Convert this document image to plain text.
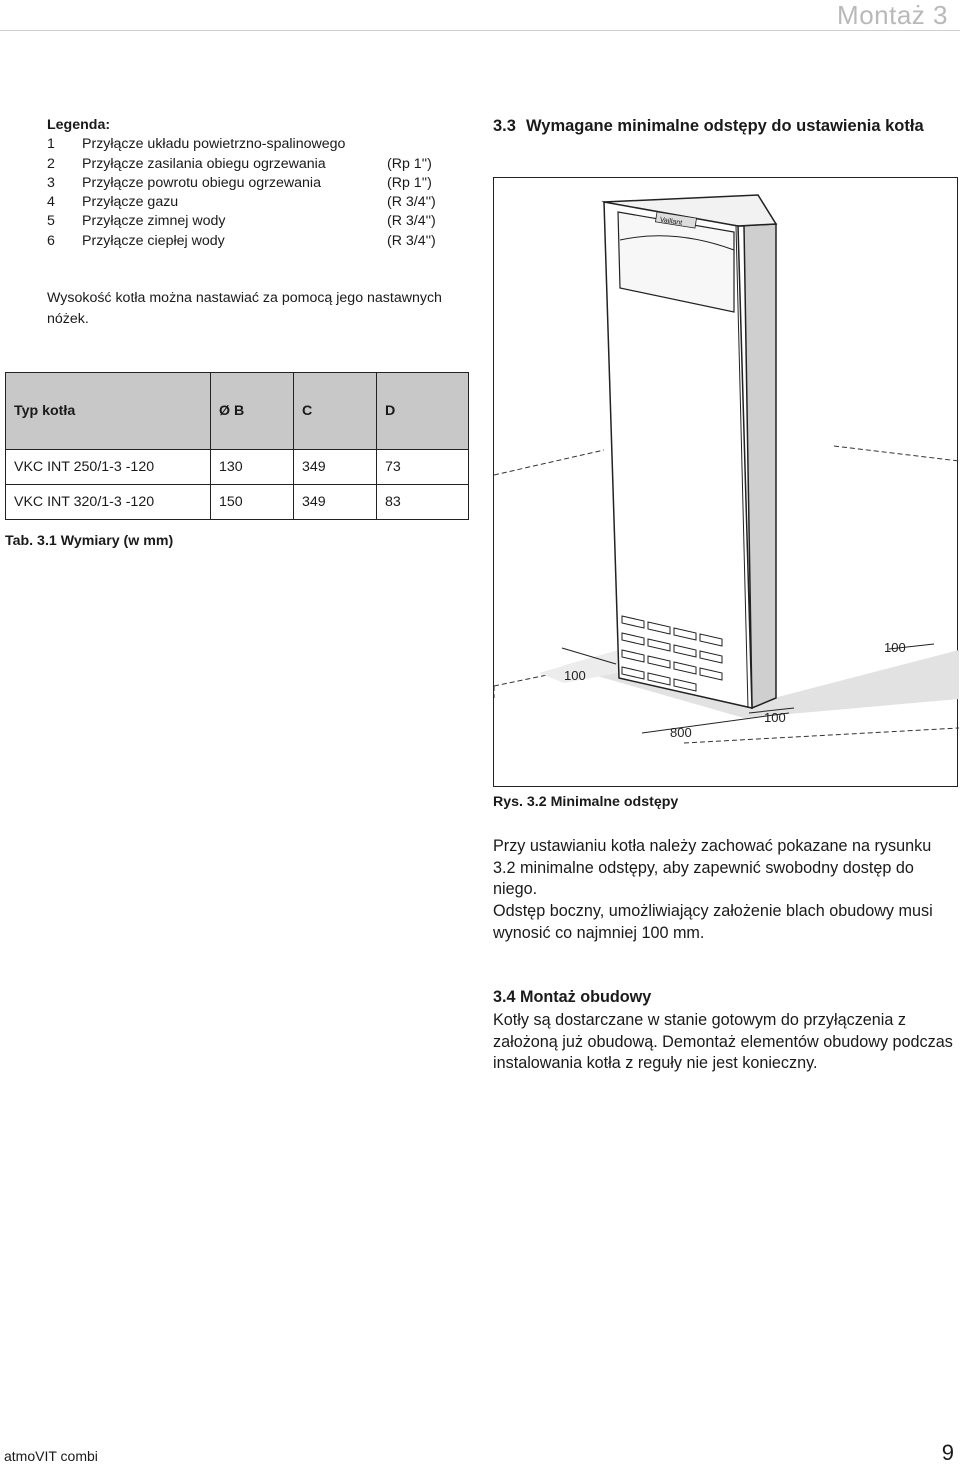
Montaż 3
Legenda:
1 Przyłącze układu powietrzno-spalinowego
2 Przyłącze zasilania obiegu ogrzewania	(Rp 1'')
3 Przyłącze powrotu obiegu ogrzewania	(Rp 1'')
4 Przyłącze gazu	(R 3/4'')
5 Przyłącze zimnej wody	(R 3/4'')
6 Przyłącze ciepłej wody	(R 3/4'')
Wysokość kotła można nastawiać za pomocą jego nastawnych nóżek.
Typ kotła	Ø B	C	D
VKC INT 250/1-3 -120	130	349	73
VKC INT 320/1-3 -120	150	349	83
Tab. 3.1 Wymiary (w mm)
3.3 Wymagane minimalne odstępy do ustawienia kotła
Vaillant
100
100
100
800
Rys. 3.2 Minimalne odstępy
Przy ustawianiu kotła należy zachować pokazane na rysunku 3.2 minimalne odstępy, aby zapewnić swobodny dostęp do niego.
Odstęp boczny, umożliwiający założenie blach obudowy musi wynosić co najmniej 100 mm.
3.4 Montaż obudowy
Kotły są dostarczane w stanie gotowym do przyłączenia z założoną już obudową. Demontaż elementów obudowy podczas instalowania kotła z reguły nie jest konieczny.
atmoVIT combi	9
